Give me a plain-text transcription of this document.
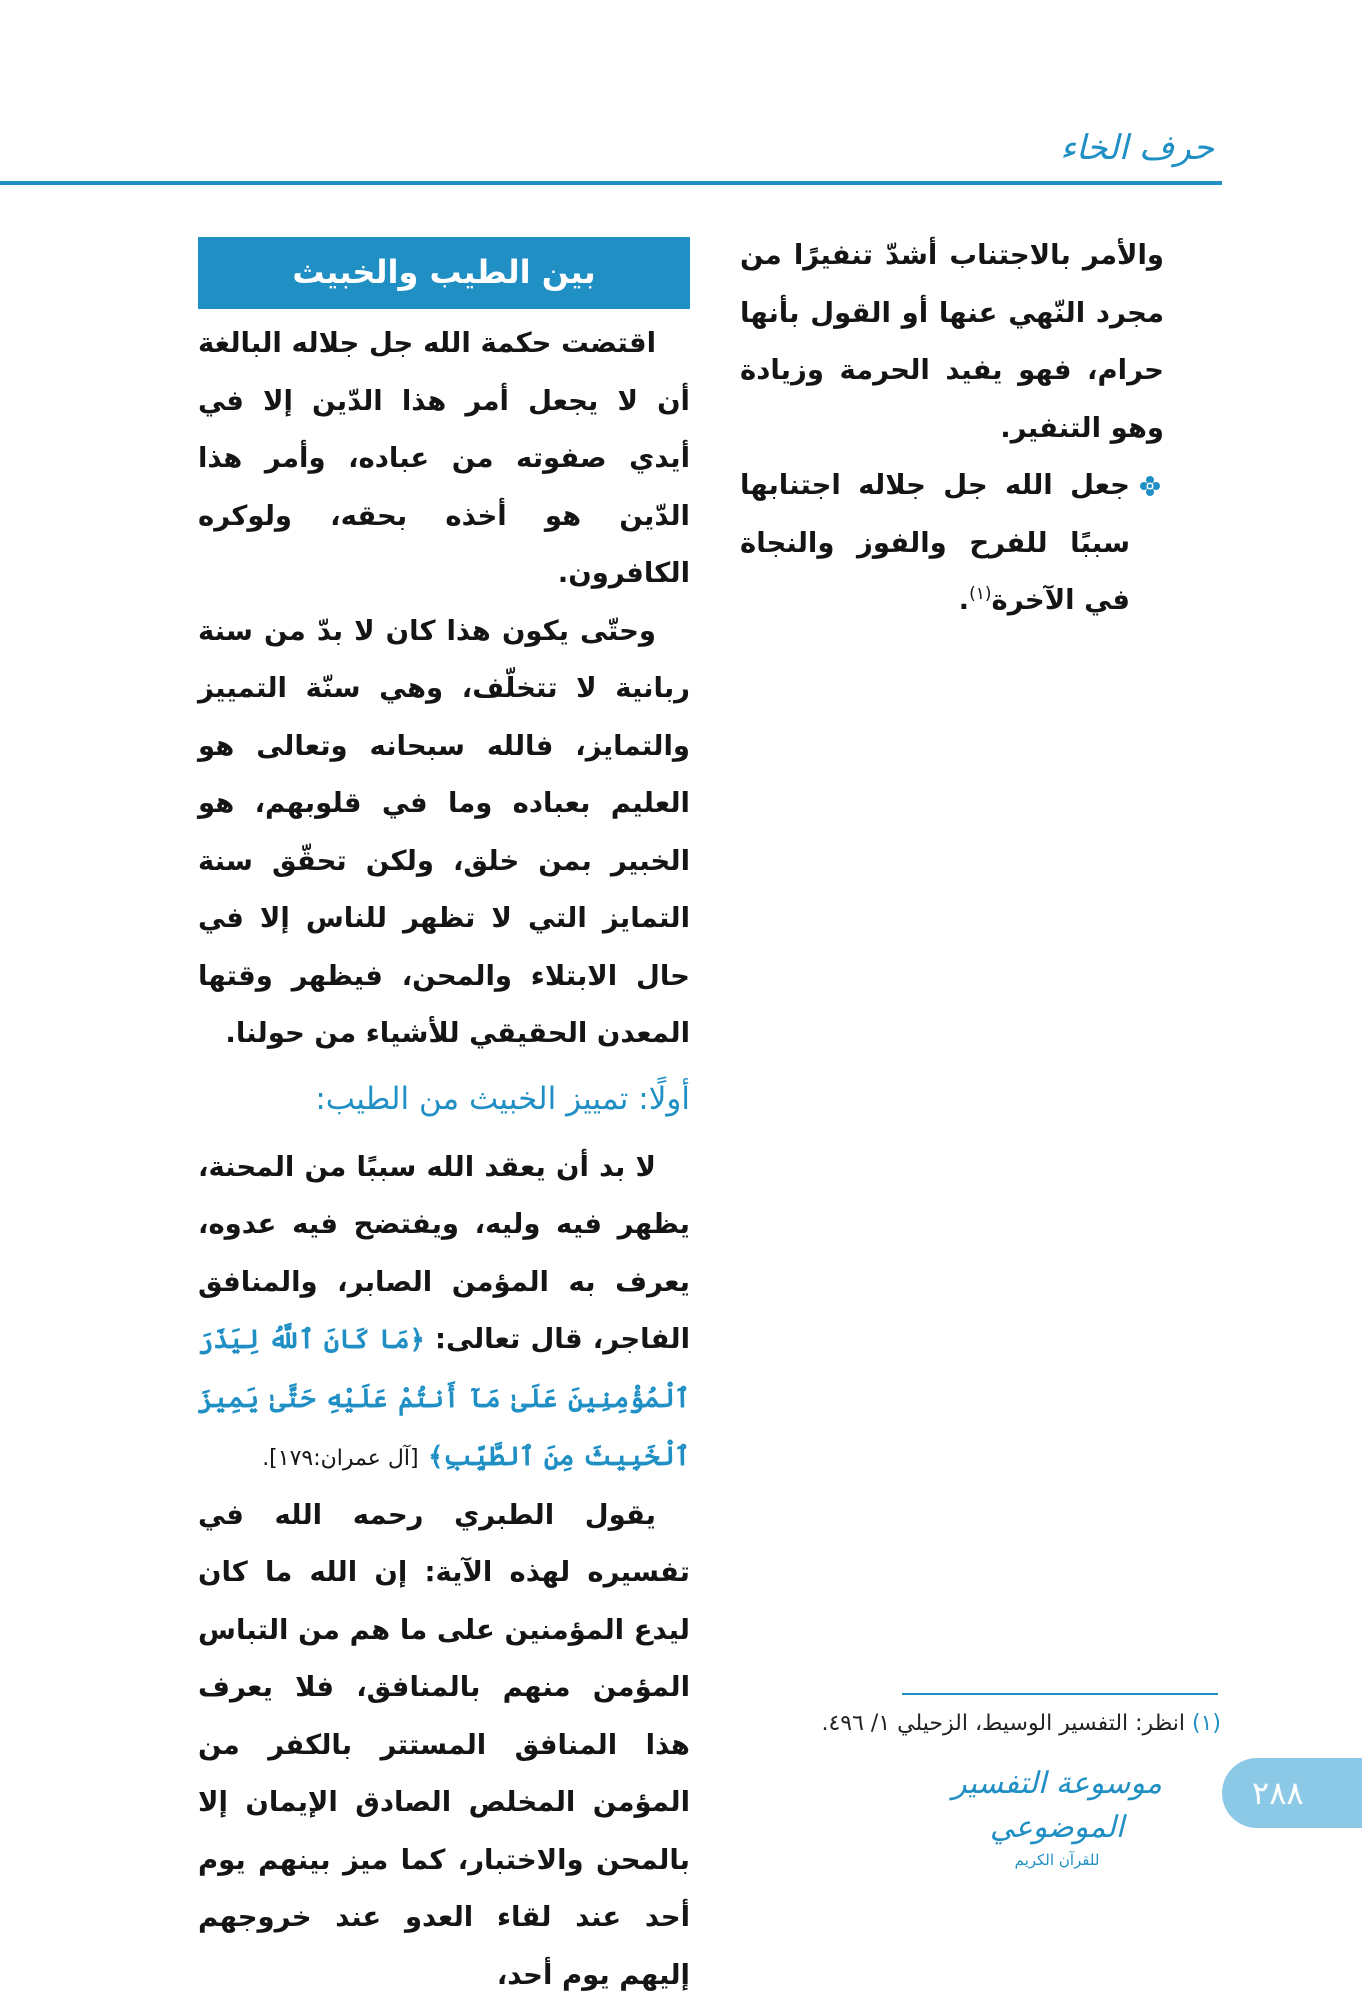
حرف الخاء

والأمر بالاجتناب أشدّ تنفيرًا من مجرد النّهي عنها أو القول بأنها حرام، فهو يفيد الحرمة وزيادة وهو التنفير.

جعل الله جل جلاله اجتنابها سببًا للفرح والفوز والنجاة في الآخرة$^{(١)}$.

بين الطيب والخبيث

اقتضت حكمة الله جل جلاله البالغة أن لا يجعل أمر هذا الدّين إلا في أيدي صفوته من عباده، وأمر هذا الدّين هو أخذه بحقه، ولوكره الكافرون.

وحتّى يكون هذا كان لا بدّ من سنة ربانية لا تتخلّف، وهي سنّة التمييز والتمايز، فالله سبحانه وتعالى هو العليم بعباده وما في قلوبهم، هو الخبير بمن خلق، ولكن تحقّق سنة التمايز التي لا تظهر للناس إلا في حال الابتلاء والمحن، فيظهر وقتها المعدن الحقيقي للأشياء من حولنا.

أولًا: تمييز الخبيث من الطيب:

لا بد أن يعقد الله سببًا من المحنة، يظهر فيه وليه، ويفتضح فيه عدوه، يعرف به المؤمن الصابر، والمنافق الفاجر، قال تعالى: ﴿مَا كَانَ ٱللَّهُ لِيَذَرَ ٱلْمُؤْمِنِينَ عَلَىٰ مَآ أَنتُمْ عَلَيْهِ حَتَّىٰ يَمِيزَ ٱلْخَبِيثَ مِنَ ٱلطَّيِّبِ﴾ [آل عمران:١٧٩].

يقول الطبري رحمه الله في تفسيره لهذه الآية: إن الله ما كان ليدع المؤمنين على ما هم من التباس المؤمن منهم بالمنافق، فلا يعرف هذا المنافق المستتر بالكفر من المؤمن المخلص الصادق الإيمان إلا بالمحن والاختبار، كما ميز بينهم يوم أحد عند لقاء العدو عند خروجهم إليهم يوم أحد،

(١) انظر: التفسير الوسيط، الزحيلي ١/ ٤٩٦.
موسوعة التفسير الموضوعي
للقرآن الكريم
٢٨٨
